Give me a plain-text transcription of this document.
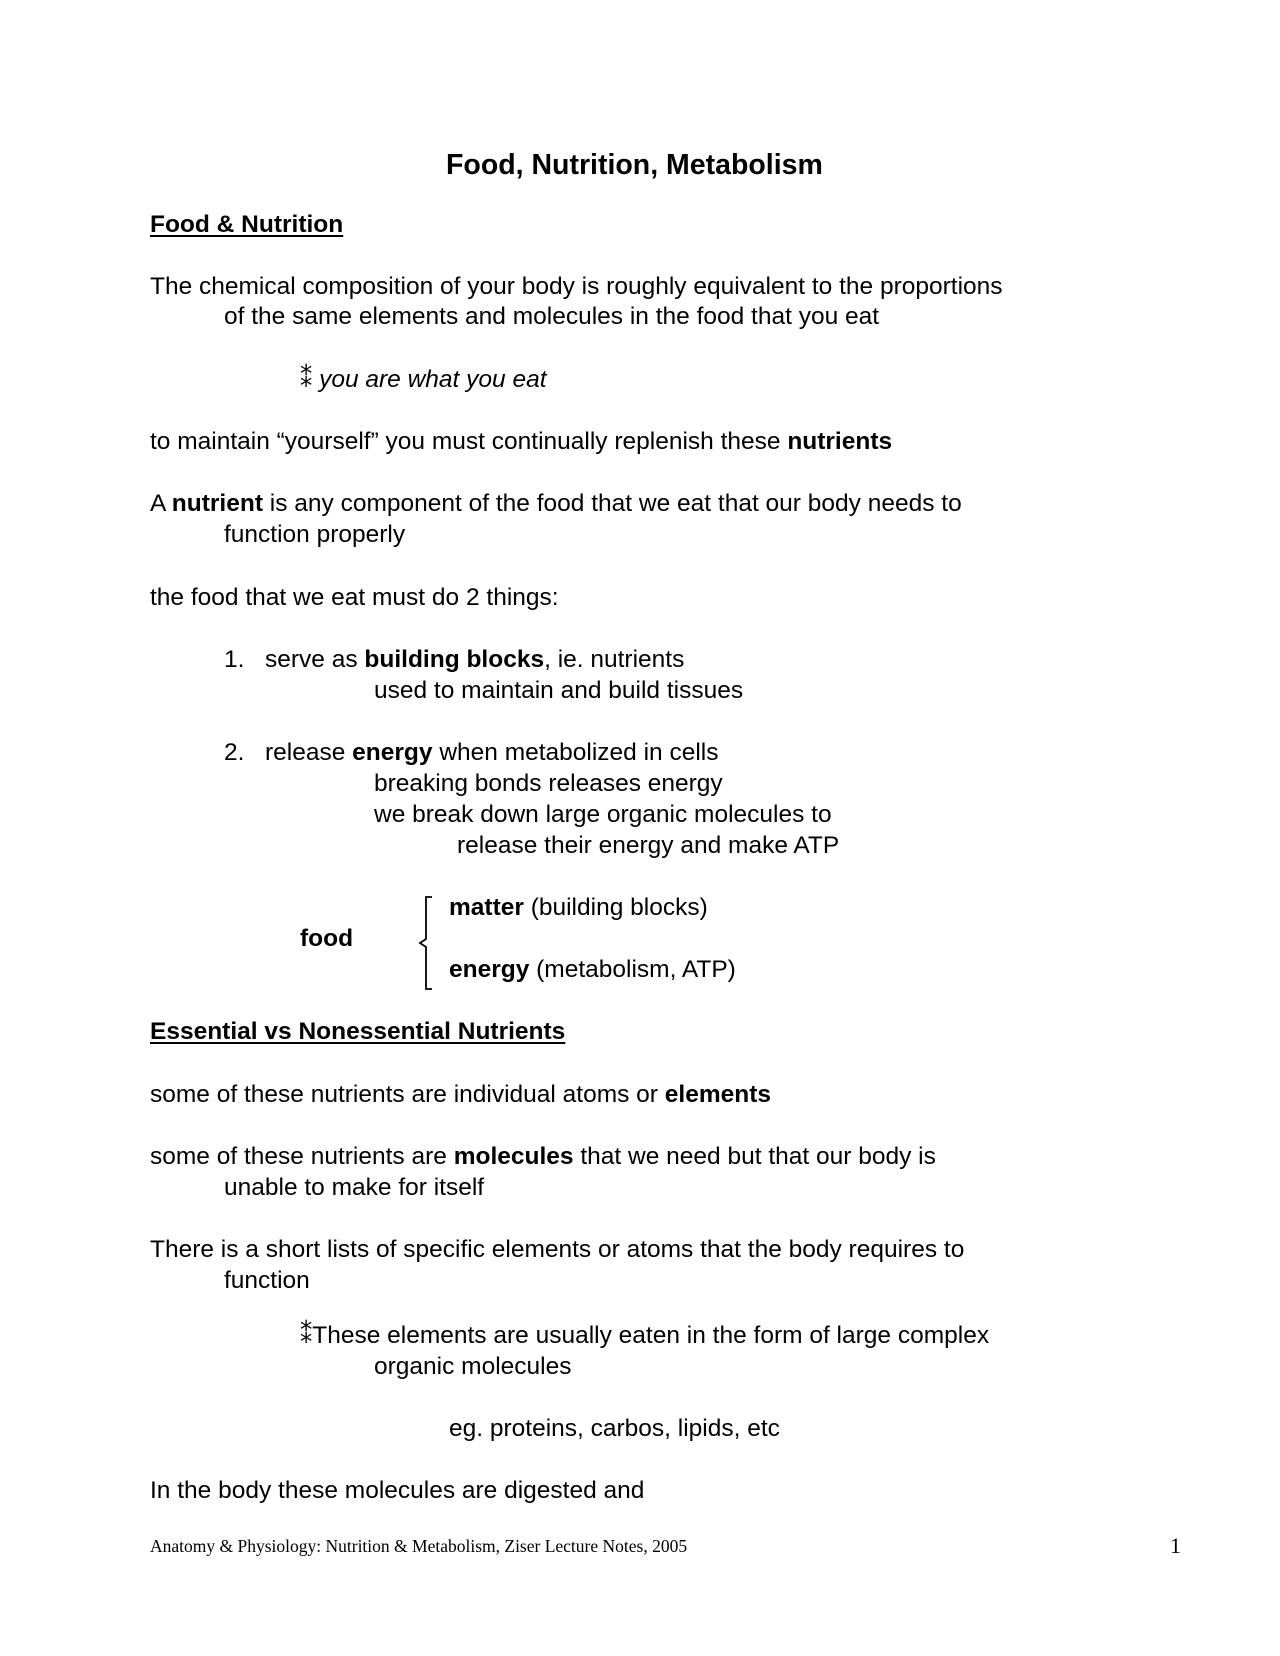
Food, Nutrition, Metabolism
Food & Nutrition
The chemical composition of your body is roughly equivalent to the proportions
of the same elements and molecules in the food that you eat
⁑ you are what you eat
to maintain “yourself” you must continually replenish these nutrients
A nutrient is any component of the food that we eat that our body needs to
function properly
the food that we eat must do 2 things:
1. serve as building blocks, ie. nutrients
used to maintain and build tissues
2. release energy when metabolized in cells
breaking bonds releases energy
we break down large organic molecules to
release their energy and make ATP
food
matter (building blocks)
energy (metabolism, ATP)
Essential vs Nonessential Nutrients
some of these nutrients are individual atoms or elements
some of these nutrients are molecules that we need but that our body is
unable to make for itself
There is a short lists of specific elements or atoms that the body requires to
function
⁑These elements are usually eaten in the form of large complex
organic molecules
eg. proteins, carbos, lipids, etc
In the body these molecules are digested and
Anatomy & Physiology: Nutrition & Metabolism, Ziser Lecture Notes, 2005	1
